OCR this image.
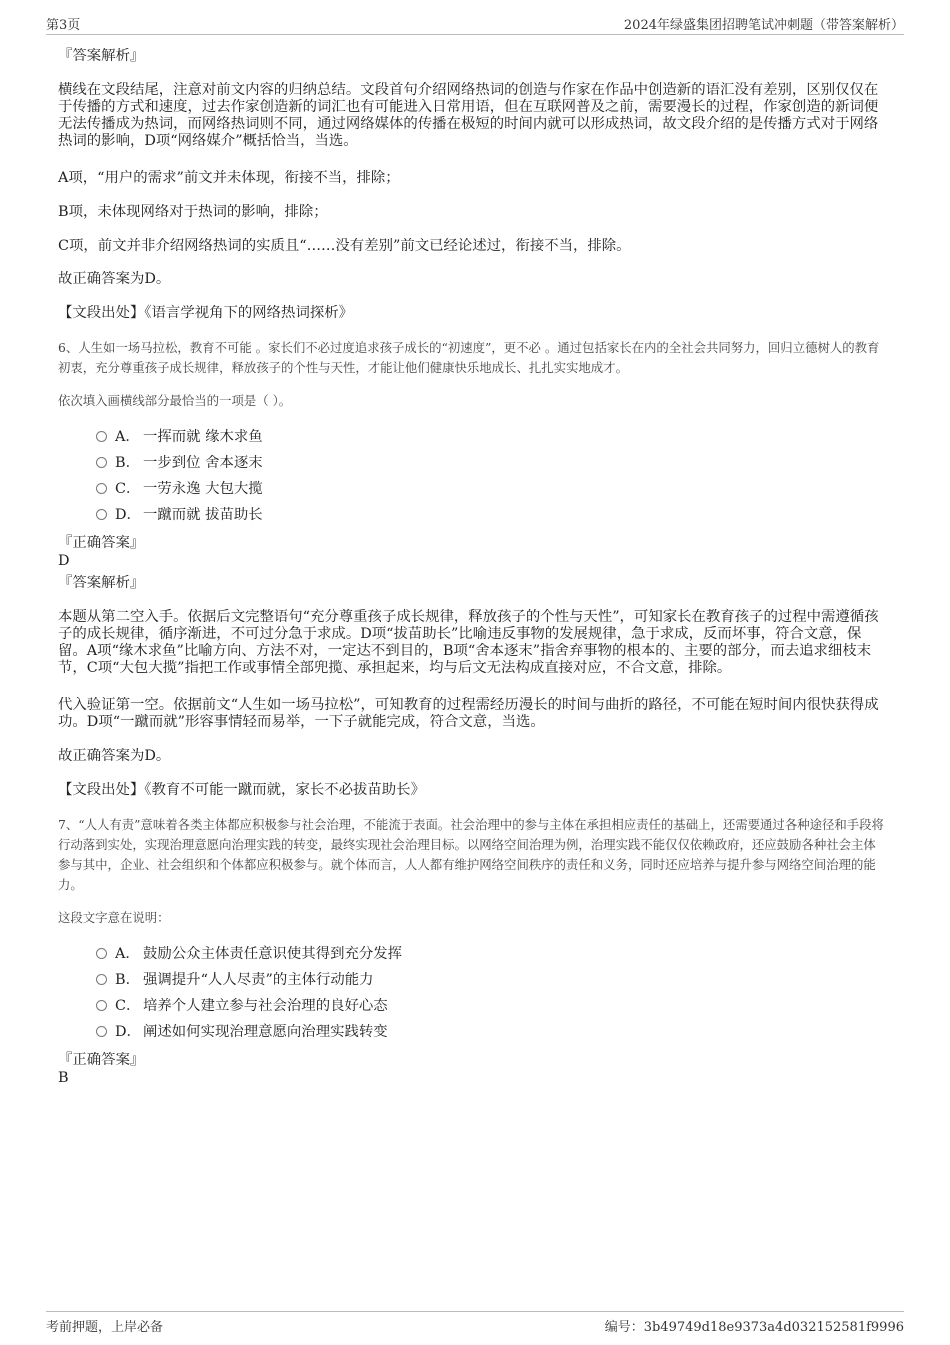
第3页	2024年绿盛集团招聘笔试冲刺题（带答案解析）
『答案解析』
横线在文段结尾，注意对前文内容的归纳总结。文段首句介绍网络热词的创造与作家在作品中创造新的语汇没有差别，区别仅仅在于传播的方式和速度，过去作家创造新的词汇也有可能进入日常用语，但在互联网普及之前，需要漫长的过程，作家创造的新词便无法传播成为热词，而网络热词则不同，通过网络媒体的传播在极短的时间内就可以形成热词，故文段介绍的是传播方式对于网络热词的影响，D项“网络媒介”概括恰当，当选。
A项，“用户的需求”前文并未体现，衔接不当，排除；
B项，未体现网络对于热词的影响，排除；
C项，前文并非介绍网络热词的实质且“……没有差别”前文已经论述过，衔接不当，排除。
故正确答案为D。
【文段出处】《语言学视角下的网络热词探析》
6、人生如一场马拉松，教育不可能 。家长们不必过度追求孩子成长的“初速度”，更不必 。通过包括家长在内的全社会共同努力，回归立德树人的教育初衷，充分尊重孩子成长规律，释放孩子的个性与天性，才能让他们健康快乐地成长、扎扎实实地成才。
依次填入画横线部分最恰当的一项是（ ）。
A． 一挥而就 缘木求鱼
B． 一步到位 舍本逐末
C． 一劳永逸 大包大揽
D． 一蹴而就 拔苗助长
『正确答案』
D
『答案解析』
本题从第二空入手。依据后文完整语句“充分尊重孩子成长规律，释放孩子的个性与天性”，可知家长在教育孩子的过程中需遵循孩子的成长规律，循序渐进，不可过分急于求成。D项“拔苗助长”比喻违反事物的发展规律，急于求成，反而坏事，符合文意，保留。A项“缘木求鱼”比喻方向、方法不对，一定达不到目的，B项“舍本逐末”指舍弃事物的根本的、主要的部分，而去追求细枝末节，C项“大包大揽”指把工作或事情全部兜揽、承担起来，均与后文无法构成直接对应，不合文意，排除。
代入验证第一空。依据前文“人生如一场马拉松”，可知教育的过程需经历漫长的时间与曲折的路径，不可能在短时间内很快获得成功。D项“一蹴而就”形容事情轻而易举，一下子就能完成，符合文意，当选。
故正确答案为D。
【文段出处】《教育不可能一蹴而就，家长不必拔苗助长》
7、“人人有责”意味着各类主体都应积极参与社会治理，不能流于表面。社会治理中的参与主体在承担相应责任的基础上，还需要通过各种途径和手段将行动落到实处，实现治理意愿向治理实践的转变，最终实现社会治理目标。以网络空间治理为例，治理实践不能仅仅依赖政府，还应鼓励各种社会主体参与其中，企业、社会组织和个体都应积极参与。就个体而言，人人都有维护网络空间秩序的责任和义务，同时还应培养与提升参与网络空间治理的能力。
这段文字意在说明：
A． 鼓励公众主体责任意识使其得到充分发挥
B． 强调提升“人人尽责”的主体行动能力
C． 培养个人建立参与社会治理的良好心态
D． 阐述如何实现治理意愿向治理实践转变
『正确答案』
B
考前押题，上岸必备	编号：3b49749d18e9373a4d032152581f9996
